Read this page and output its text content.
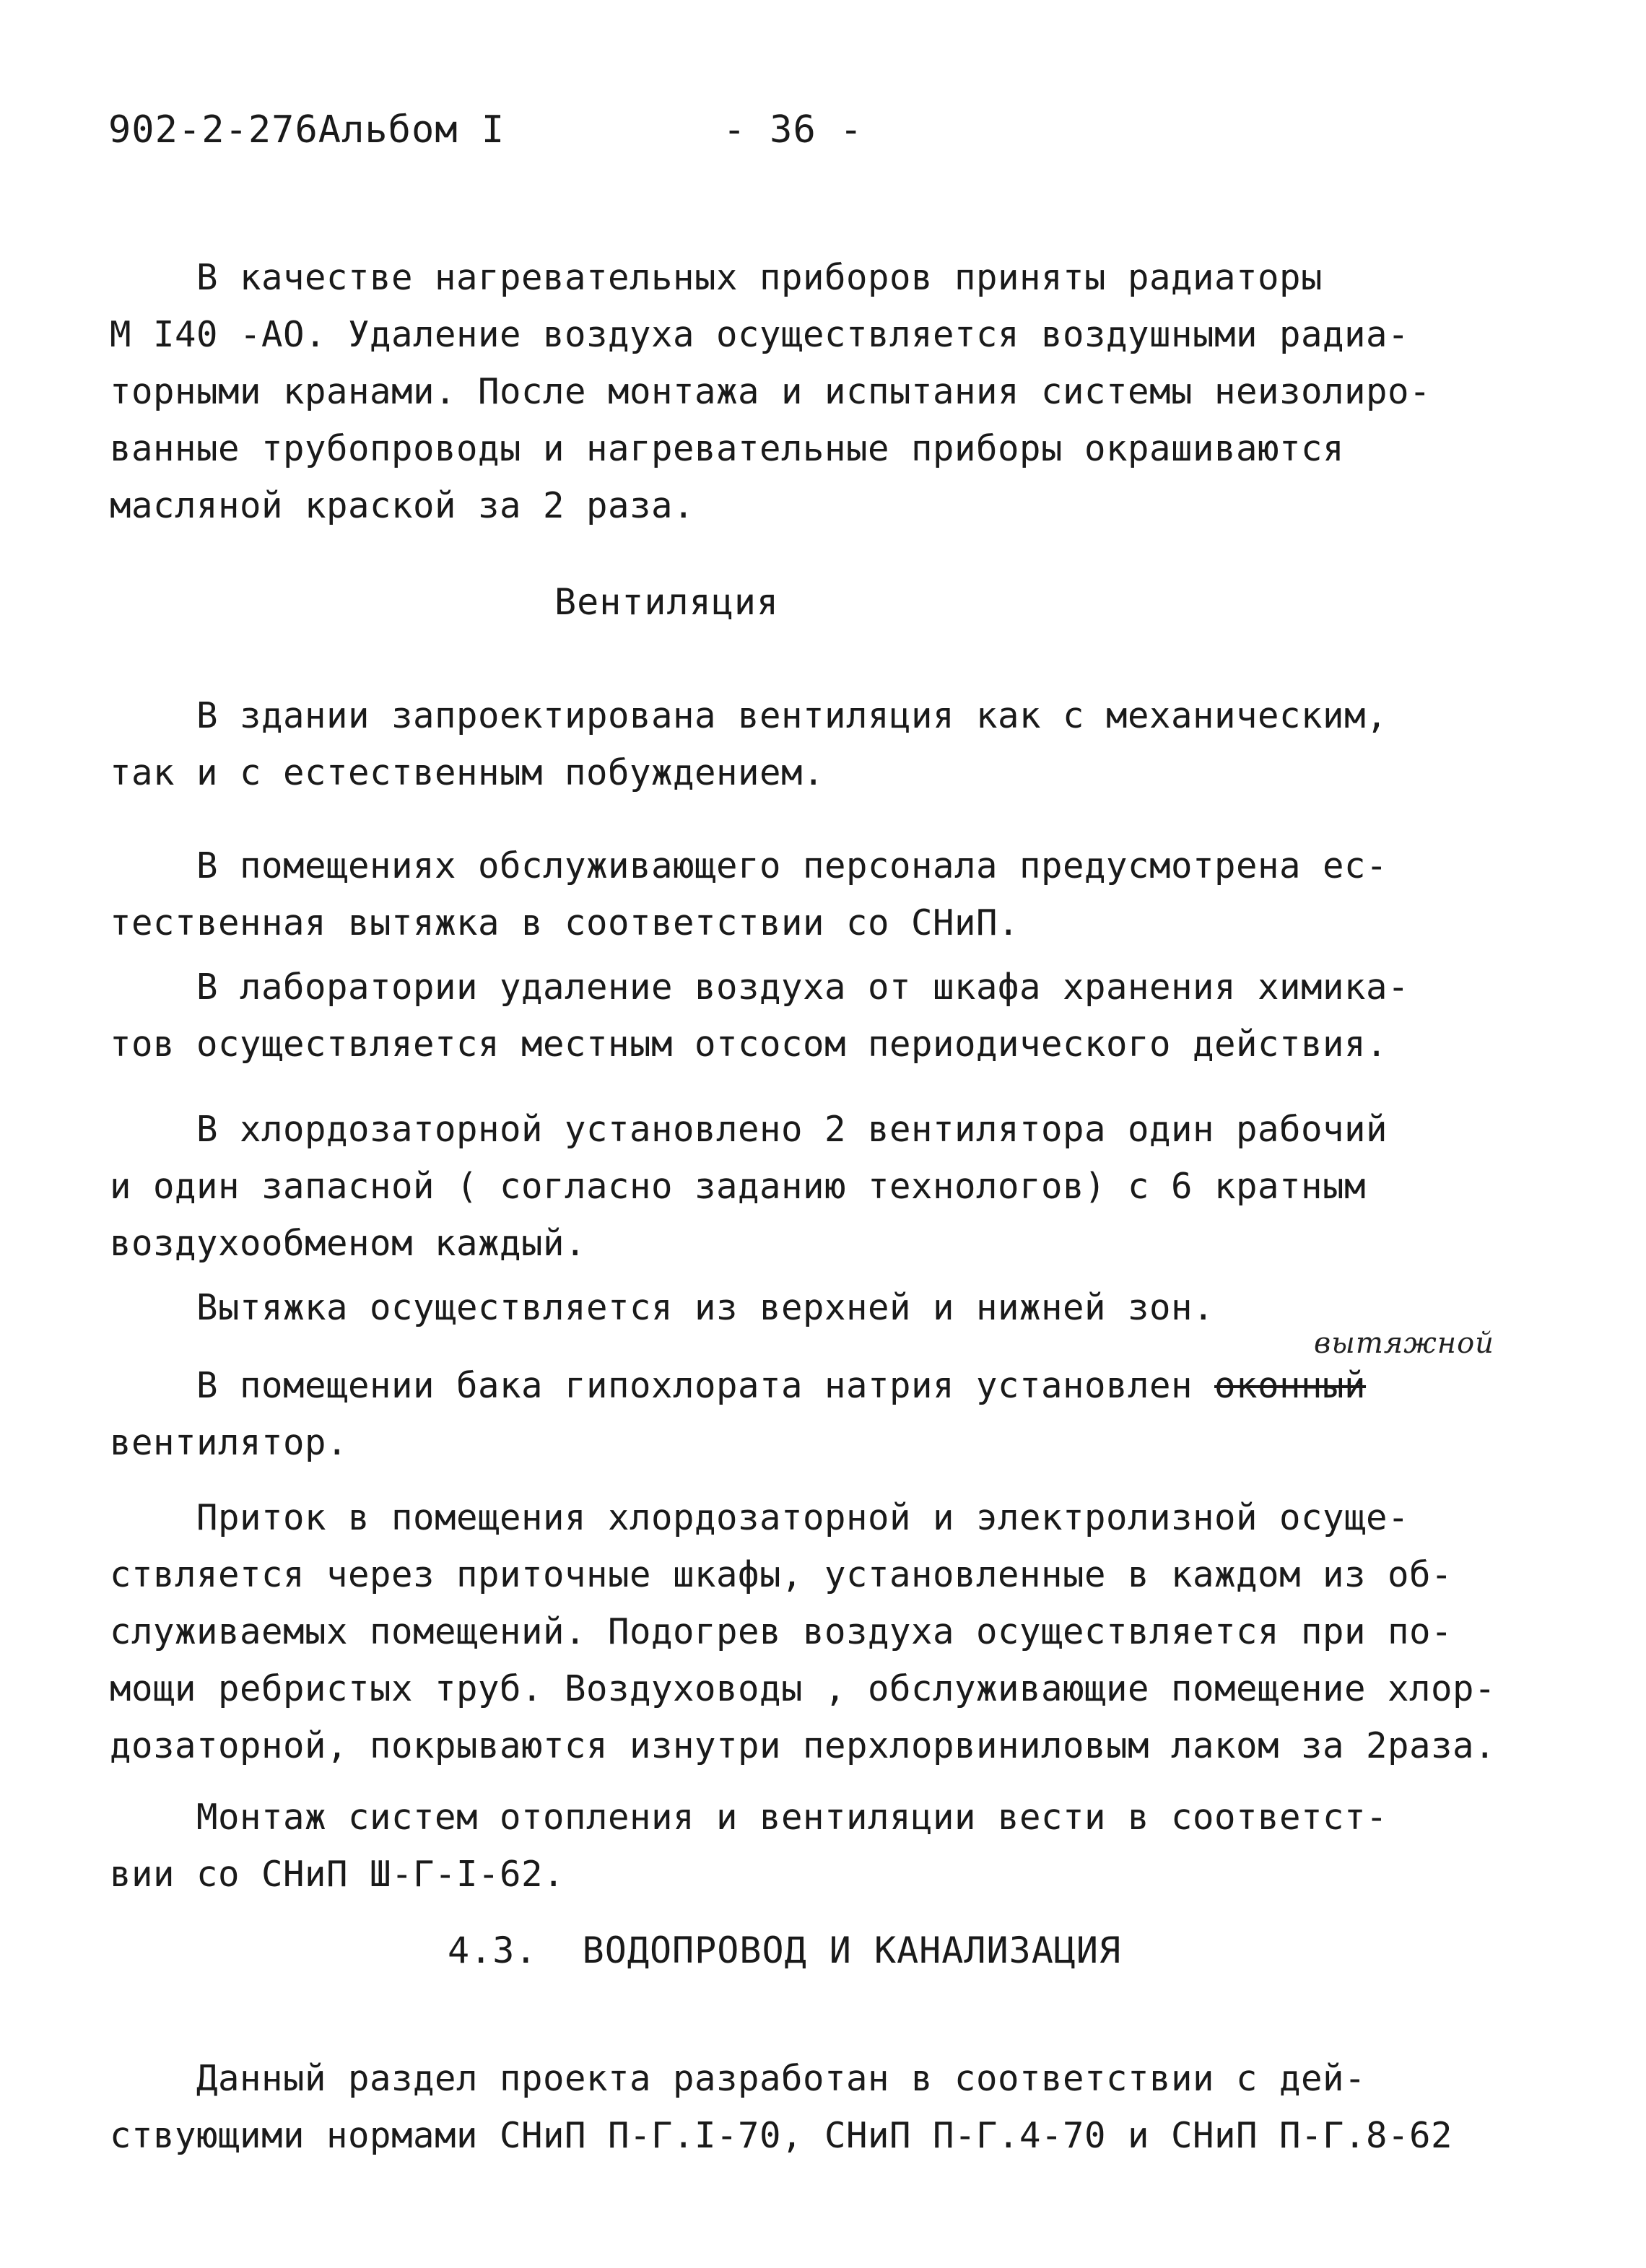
902-2-276Альбом I	- 36 -
В качестве нагревательных приборов приняты радиаторы
М I40 -АО. Удаление воздуха осуществляется воздушными радиа-
торными кранами. После монтажа и испытания системы неизолиро-
ванные трубопроводы и нагревательные приборы окрашиваются
масляной краской за 2 раза.
Вентиляция
В здании запроектирована вентиляция как с механическим,
так и с естественным побуждением.
В помещениях обслуживающего персонала предусмотрена ес-
тественная вытяжка в соответствии со СНиП.
В лаборатории удаление воздуха от шкафа хранения химика-
тов осуществляется местным отсосом периодического действия.
В хлордозаторной установлено 2 вентилятора один рабочий
и один запасной ( согласно заданию технологов) с 6 кратным
воздухообменом каждый.
Вытяжка осуществляется из верхней и нижней зон.
вытяжной
В помещении бака гипохлората натрия установлен оконный
вентилятор.
Приток в помещения хлордозаторной и электролизной осуще-
ствляется через приточные шкафы, установленные в каждом из об-
служиваемых помещений. Подогрев воздуха осуществляется при по-
мощи ребристых труб. Воздуховоды , обслуживающие помещение хлор-
дозаторной, покрываются изнутри перхлорвиниловым лаком за 2раза.
Монтаж систем отопления и вентиляции вести в соответст-
вии со СНиП Ш-Г-I-62.
4.3. ВОДОПРОВОД И КАНАЛИЗАЦИЯ
Данный раздел проекта разработан в соответствии с дей-
ствующими нормами СНиП П-Г.I-70, СНиП П-Г.4-70 и СНиП П-Г.8-62
